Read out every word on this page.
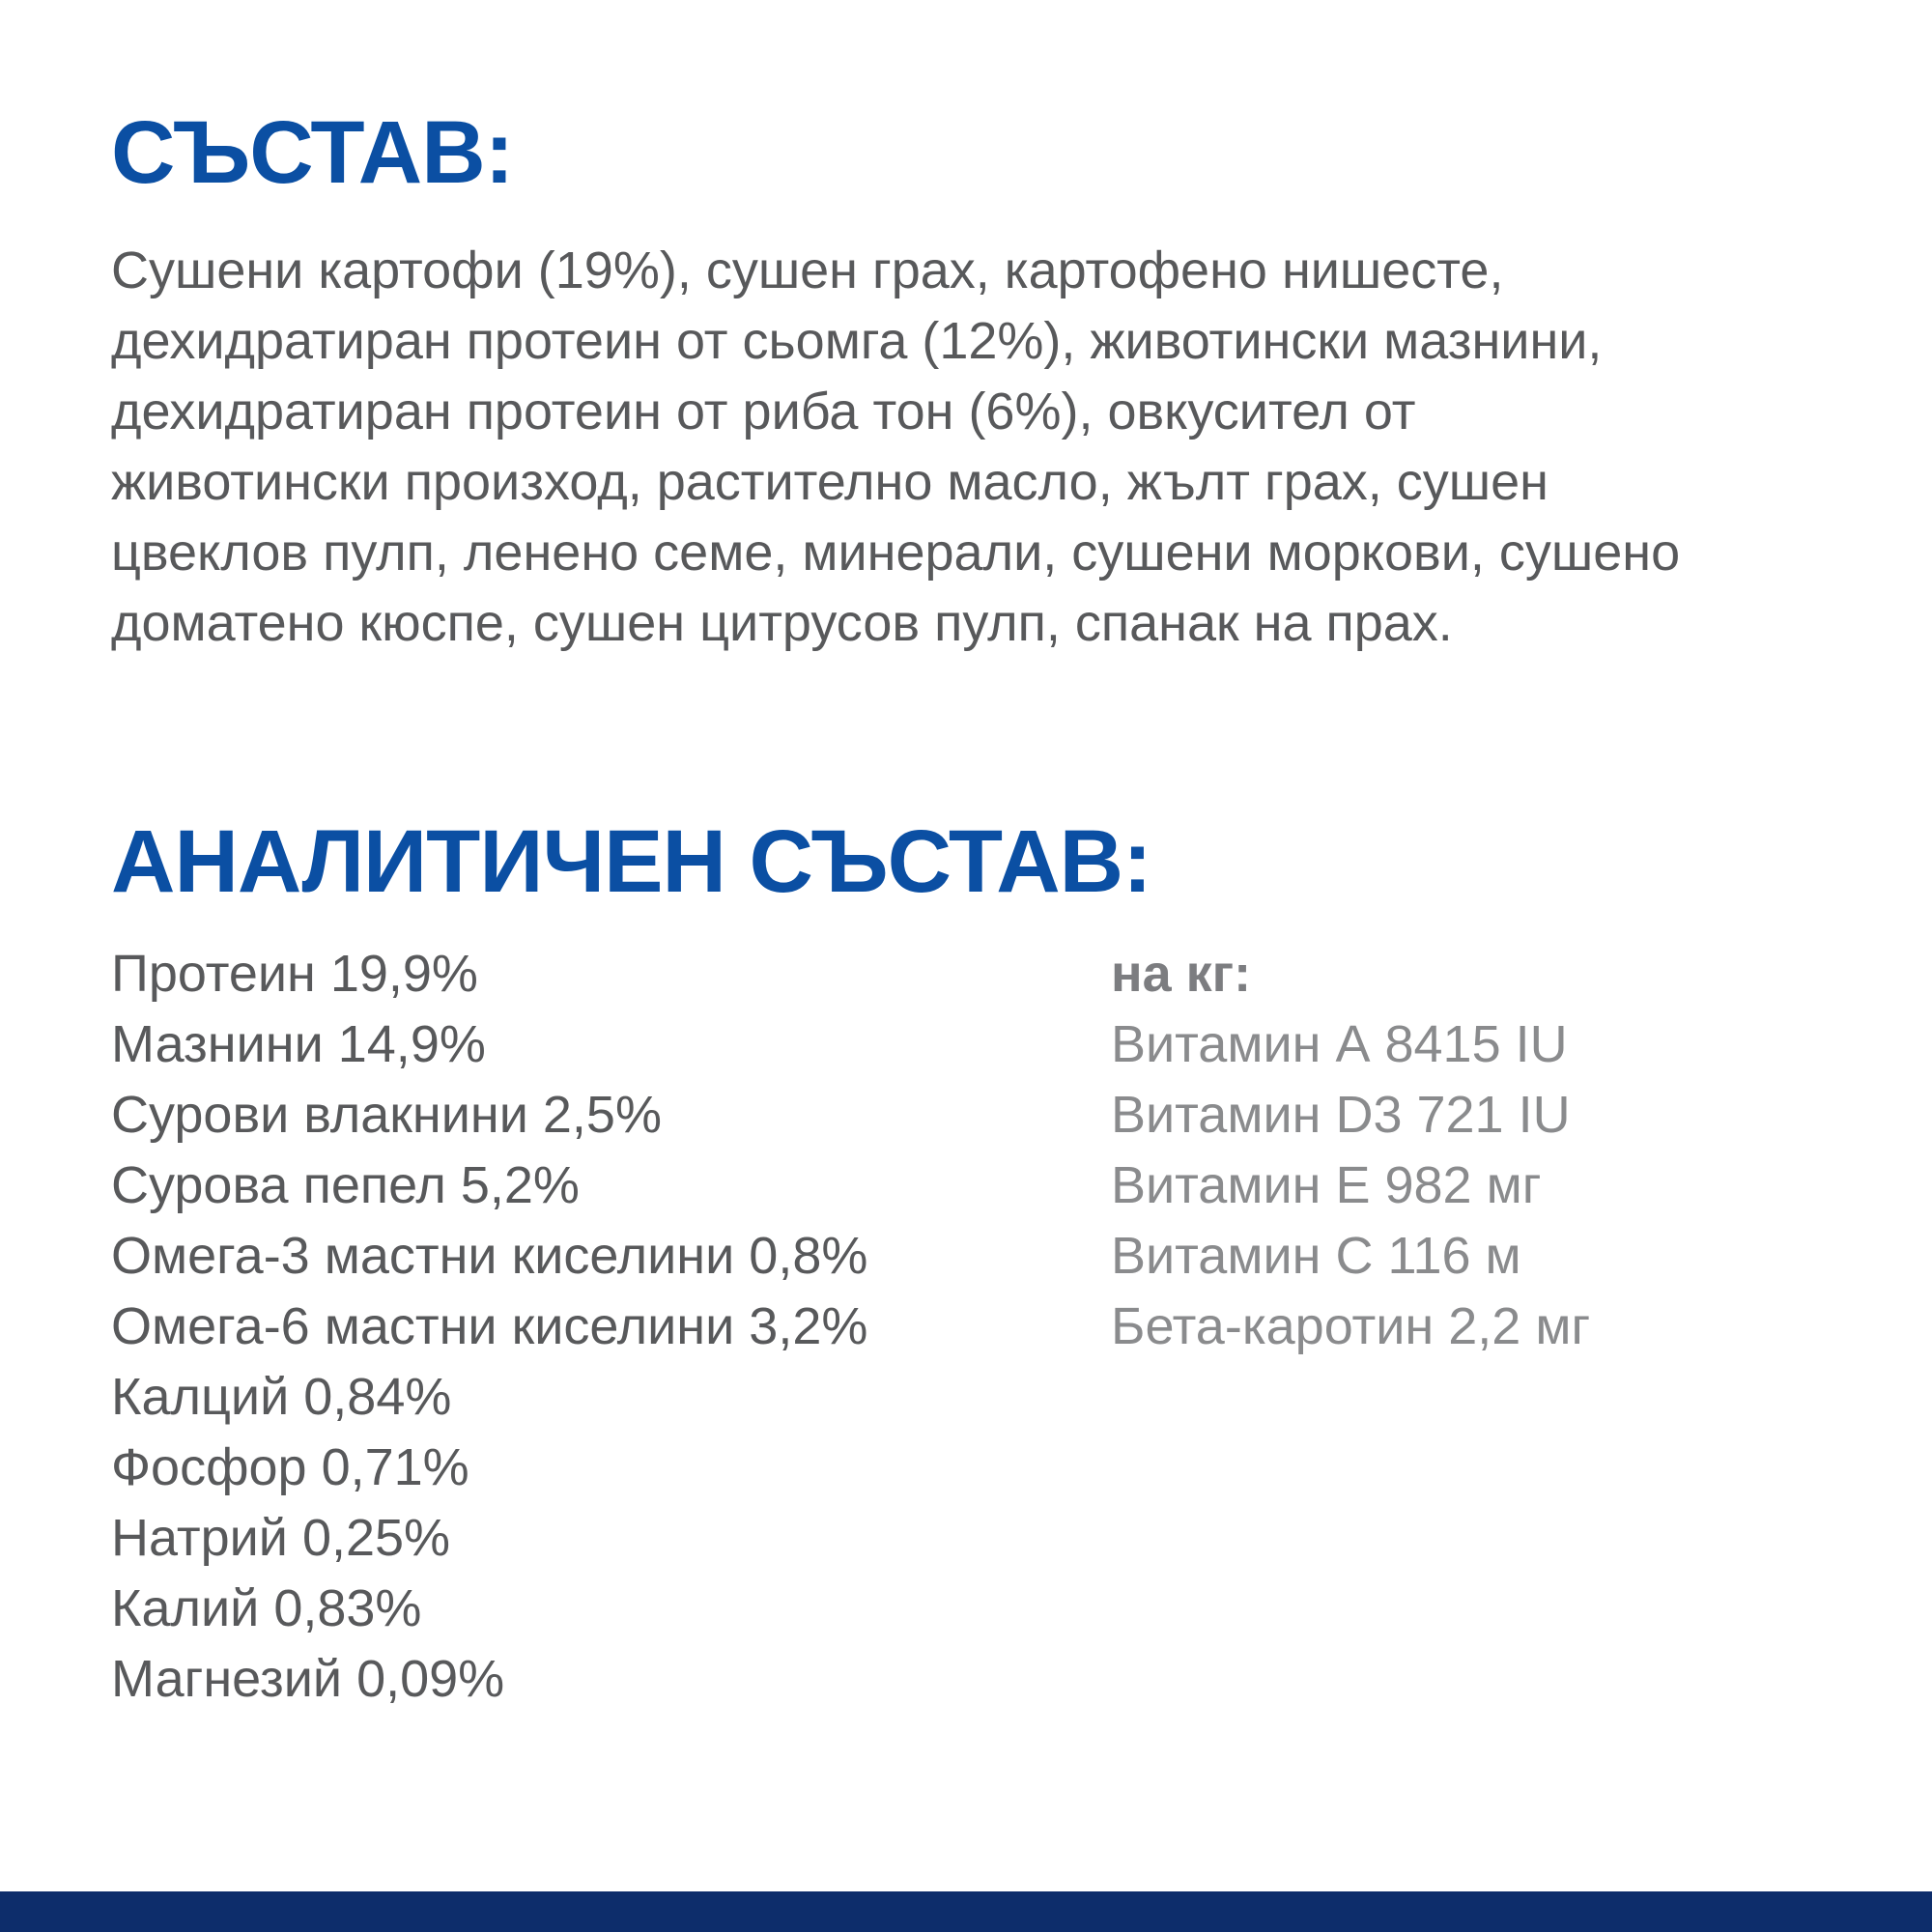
СЪСТАВ:

Сушени картофи (19%), сушен грах, картофено нишесте,
дехидратиран протеин от сьомга (12%), животински мазнини,
дехидратиран протеин от риба тон (6%), овкусител от
животински произход, растително масло, жълт грах, сушен
цвеклов пулп, ленено семе, минерали, сушени моркови, сушено
доматено кюспе, сушен цитрусов пулп, спанак на прах.

АНАЛИТИЧЕН СЪСТАВ:
Протеин 19,9%
Мазнини 14,9%
Сурови влакнини 2,5%
Сурова пепел 5,2%
Омега-3 мастни киселини 0,8%
Омега-6 мастни киселини 3,2%
Калций 0,84%
Фосфор 0,71%
Натрий 0,25%
Калий 0,83%
Магнезий 0,09%
на кг:
Витамин А 8415 IU
Витамин D3 721 IU
Витамин Е 982 мг
Витамин С 116 м
Бета-каротин 2,2 мг
